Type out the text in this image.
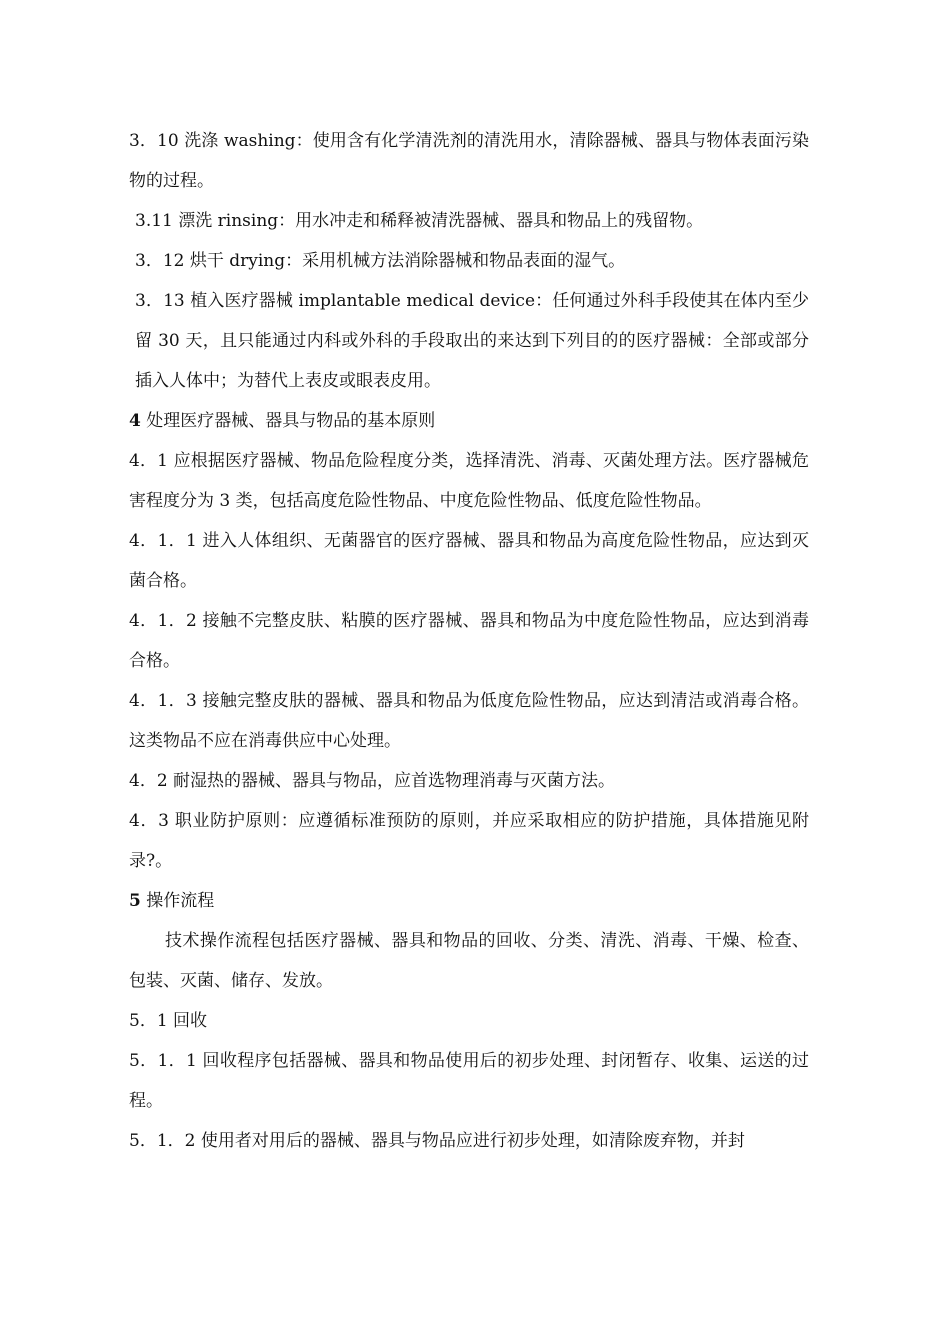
3．10 洗涤 washing：使用含有化学清洗剂的清洗用水，清除器械、器具与物体表面污染物的过程。

3.11 漂洗 rinsing：用水冲走和稀释被清洗器械、器具和物品上的残留物。

3．12 烘干 drying：采用机械方法消除器械和物品表面的湿气。

3．13 植入医疗器械 implantable medical device：任何通过外科手段使其在体内至少留 30 天，且只能通过内科或外科的手段取出的来达到下列目的的医疗器械：全部或部分插入人体中；为替代上表皮或眼表皮用。

4 处理医疗器械、器具与物品的基本原则

4．1 应根据医疗器械、物品危险程度分类，选择清洗、消毒、灭菌处理方法。医疗器械危害程度分为 3 类，包括高度危险性物品、中度危险性物品、低度危险性物品。

4．1．1 进入人体组织、无菌器官的医疗器械、器具和物品为高度危险性物品，应达到灭菌合格。

4．1．2 接触不完整皮肤、粘膜的医疗器械、器具和物品为中度危险性物品，应达到消毒合格。

4．1．3 接触完整皮肤的器械、器具和物品为低度危险性物品，应达到清洁或消毒合格。这类物品不应在消毒供应中心处理。

4．2 耐湿热的器械、器具与物品，应首选物理消毒与灭菌方法。

4．3 职业防护原则：应遵循标准预防的原则，并应采取相应的防护措施，具体措施见附录?。

5 操作流程

技术操作流程包括医疗器械、器具和物品的回收、分类、清洗、消毒、干燥、检查、包装、灭菌、储存、发放。

5．1 回收

5．1．1 回收程序包括器械、器具和物品使用后的初步处理、封闭暂存、收集、运送的过程。

5．1．2 使用者对用后的器械、器具与物品应进行初步处理，如清除废弃物，并封
